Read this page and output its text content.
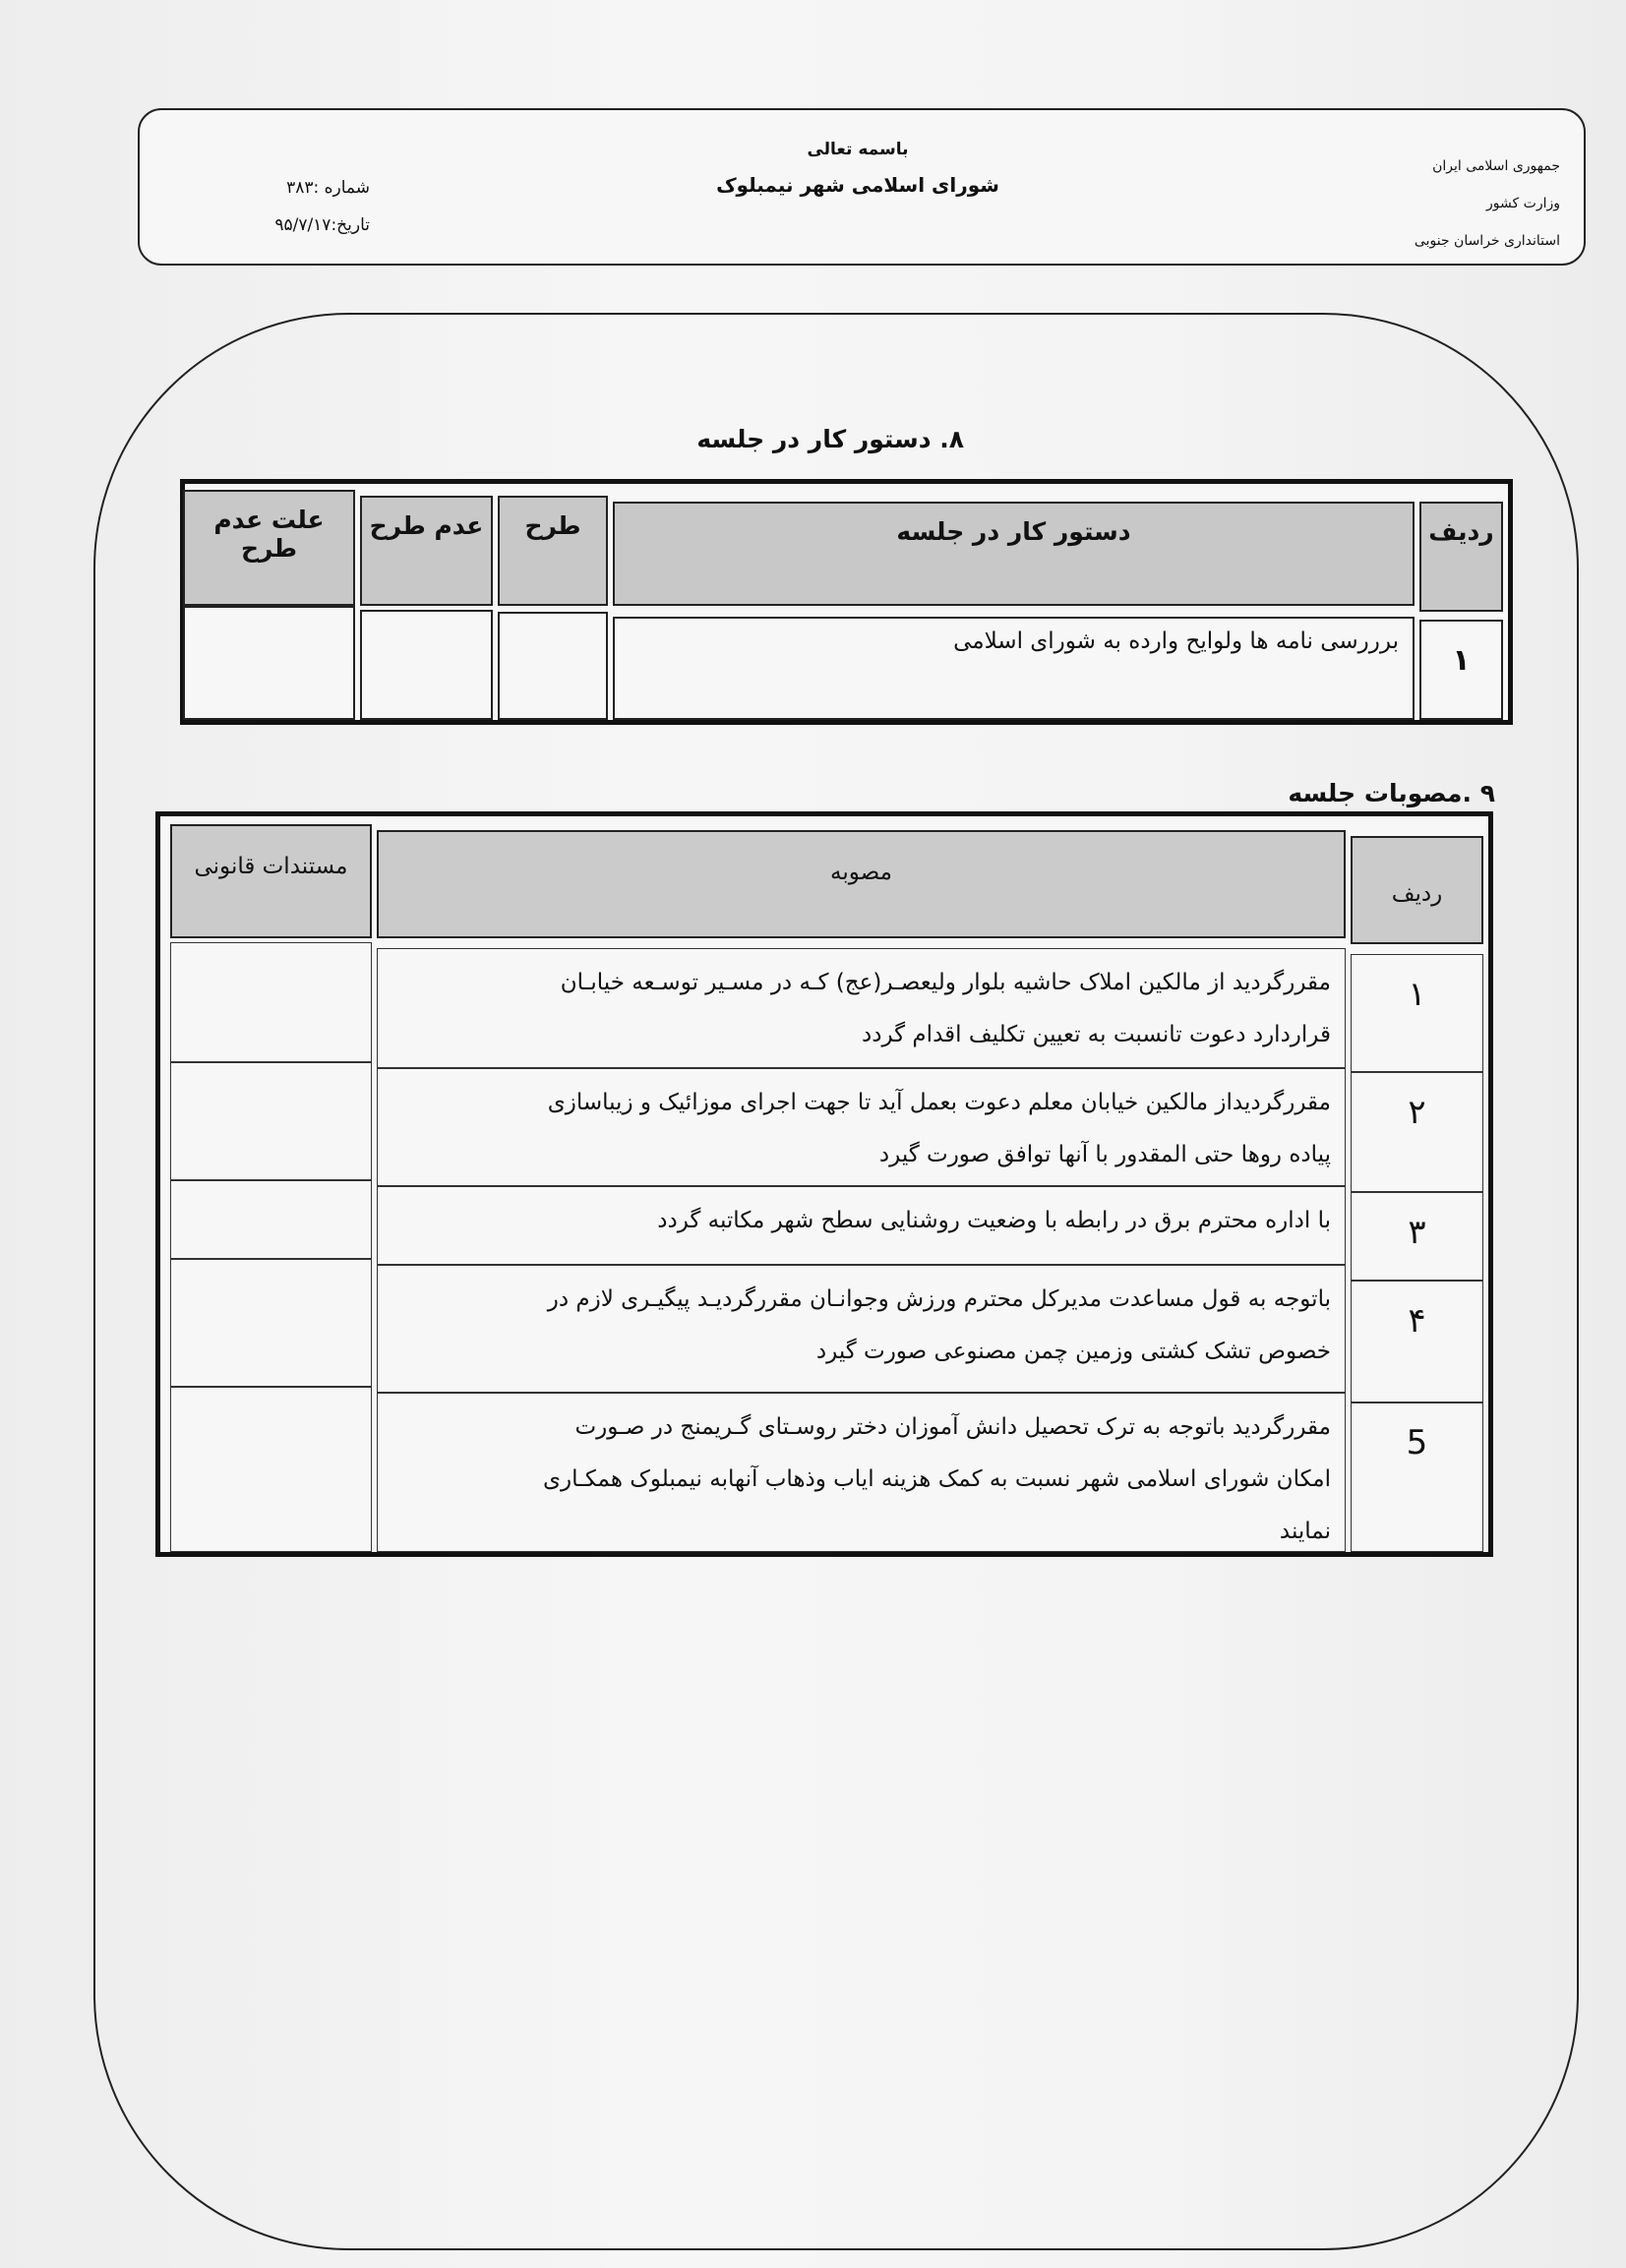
جمهوری اسلامی ایران
وزارت کشور
استانداری خراسان جنوبی
باسمه تعالی
شورای اسلامی شهر نیمبلوک
شماره :۳۸۳
تاریخ:۹۵/۷/۱۷
۸. دستور کار در جلسه
ردیف
دستور کار در جلسه
طرح
عدم طرح
علت عدم طرح
۱
برررسی نامه ها ولوایح وارده به شورای اسلامی
۹ .مصوبات جلسه
ردیف
مصوبه
مستندات قانونی
۱
مقررگردید از مالکین املاک حاشیه بلوار ولیعصـر(عج) کـه در مسـیر توسـعه خیابـان
قراردارد دعوت تانسبت به تعیین تکلیف اقدام گردد
۲
مقررگردیداز مالکین خیابان معلم دعوت بعمل آید تا جهت اجرای موزائیک و زیباسازی
پیاده روها حتی المقدور با آنها توافق صورت گیرد
۳
با اداره محترم برق در رابطه با وضعیت روشنایی سطح شهر مکاتبه گردد
۴
باتوجه به قول مساعدت مدیرکل محترم ورزش وجوانـان مقررگردیـد پیگیـری لازم در
خصوص تشک کشتی وزمین چمن مصنوعی صورت گیرد
5
مقررگردید باتوجه به ترک تحصیل دانش آموزان دختر روسـتای گـریمنج در صـورت
امکان شورای اسلامی شهر نسبت به کمک هزینه ایاب وذهاب آنهابه نیمبلوک همکـاری
نمایند
